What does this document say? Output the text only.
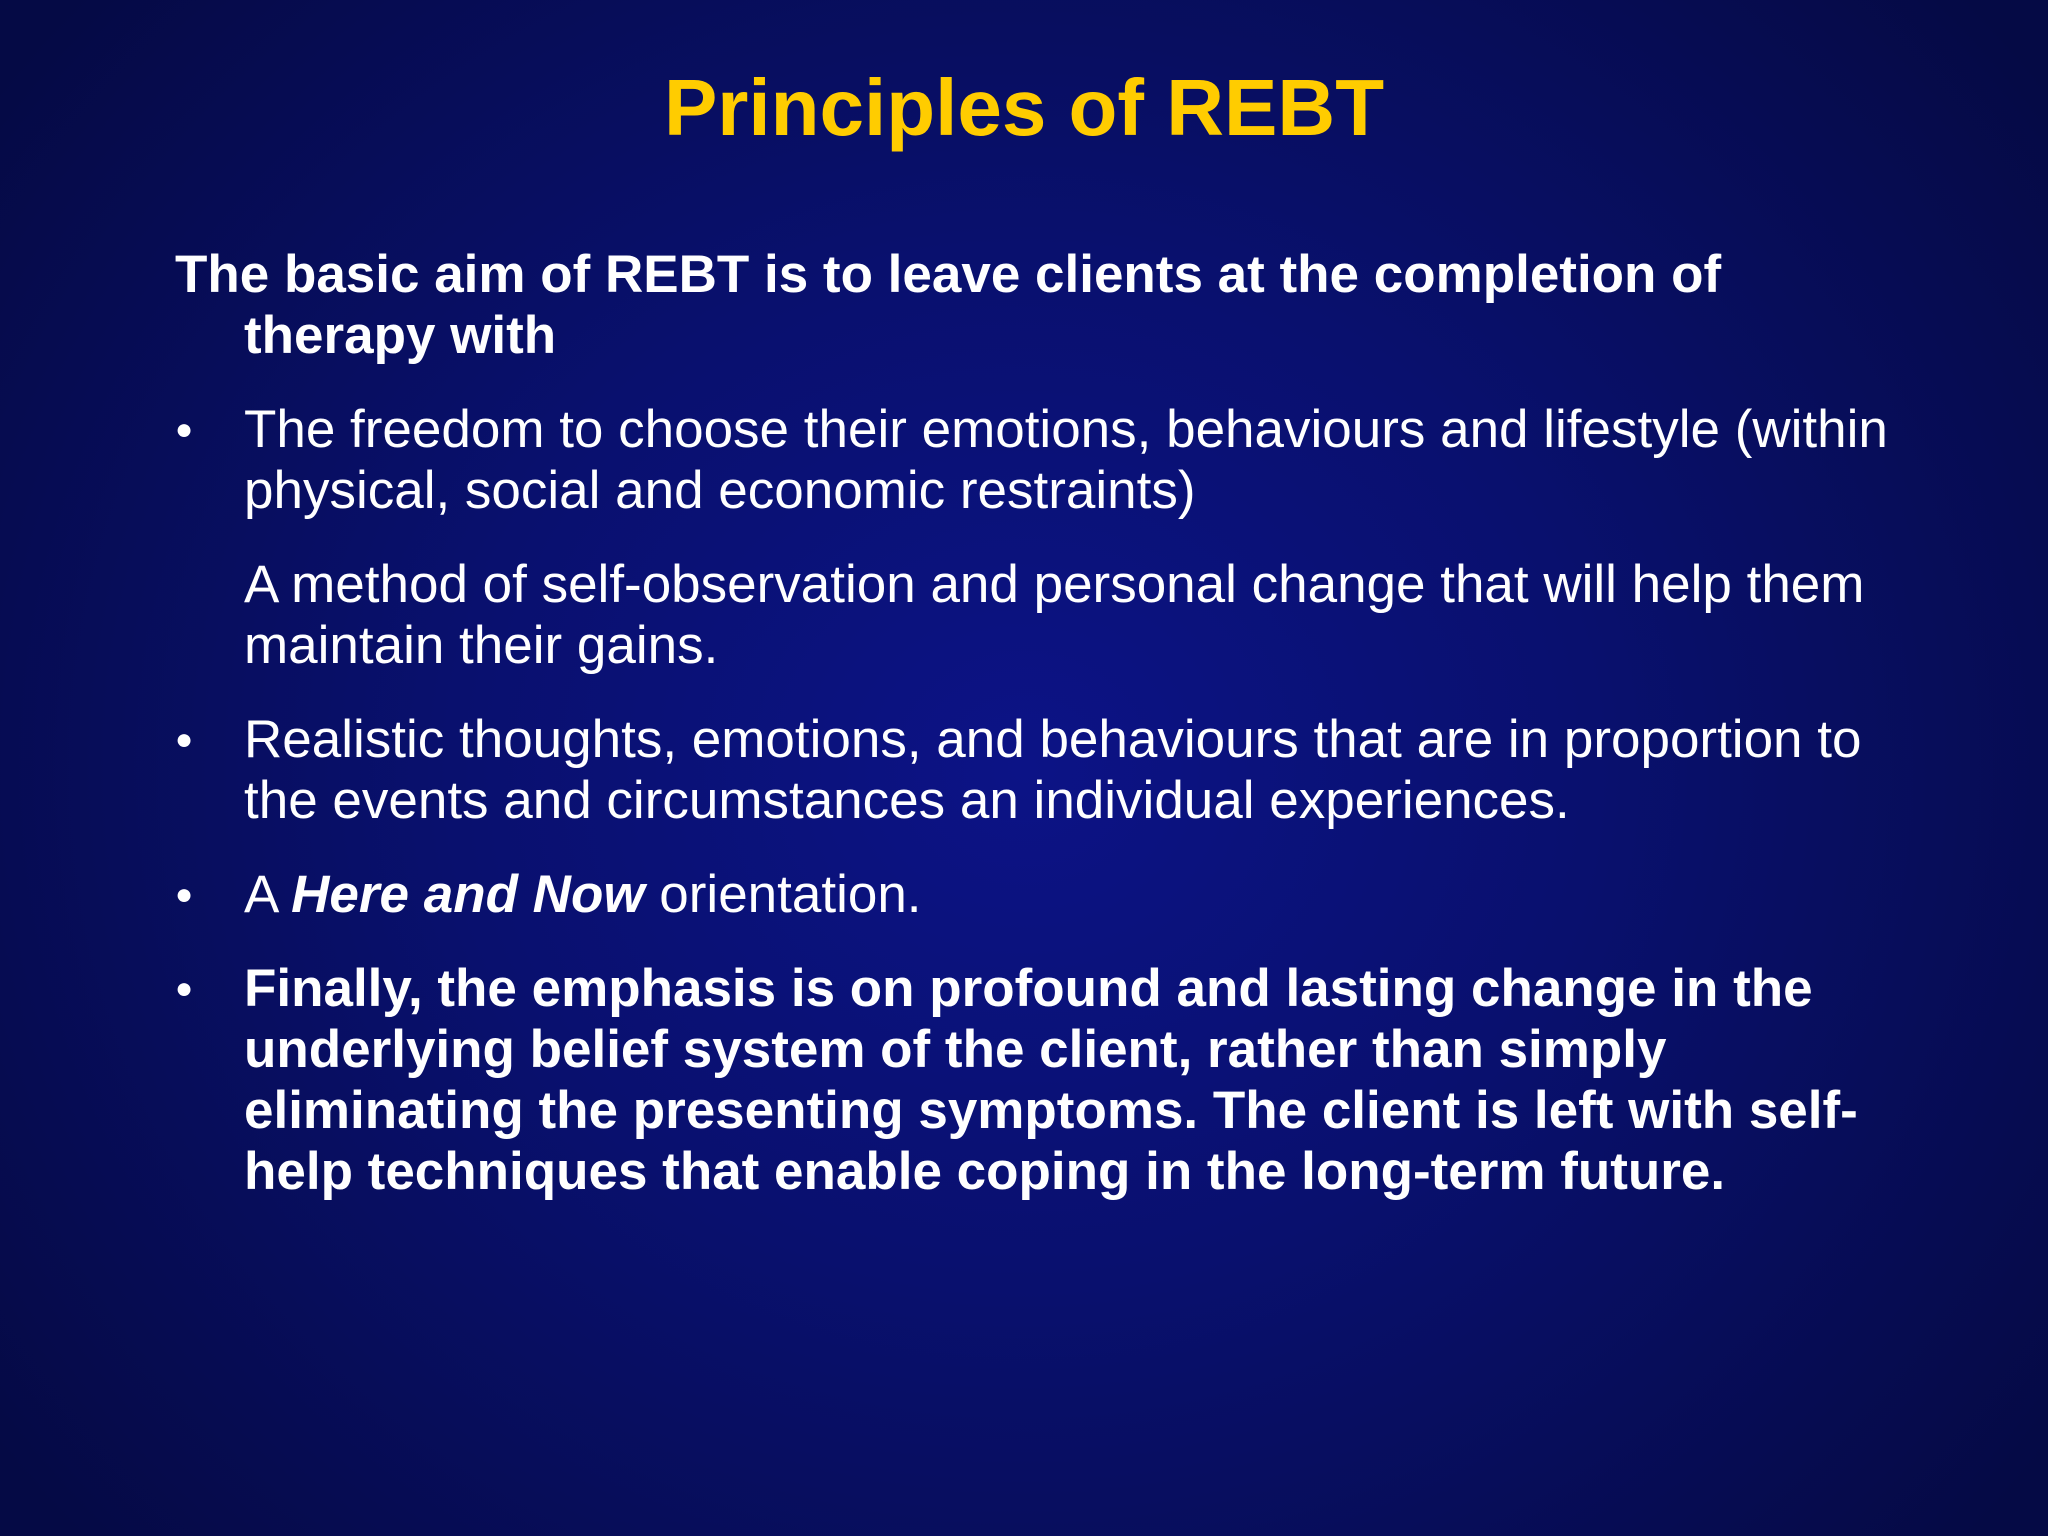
Principles of REBT

The basic aim of REBT is to leave clients at the completion of therapy with

● The freedom to choose their emotions, behaviours and lifestyle (within physical, social and economic restraints)
A method of self-observation and personal change that will help them maintain their gains.
● Realistic thoughts, emotions, and behaviours that are in proportion to the events and circumstances an individual experiences.
● A Here and Now orientation.
● Finally, the emphasis is on profound and lasting change in the underlying belief system of the client, rather than simply eliminating the presenting symptoms. The client is left with self-help techniques that enable coping in the long-term future.
